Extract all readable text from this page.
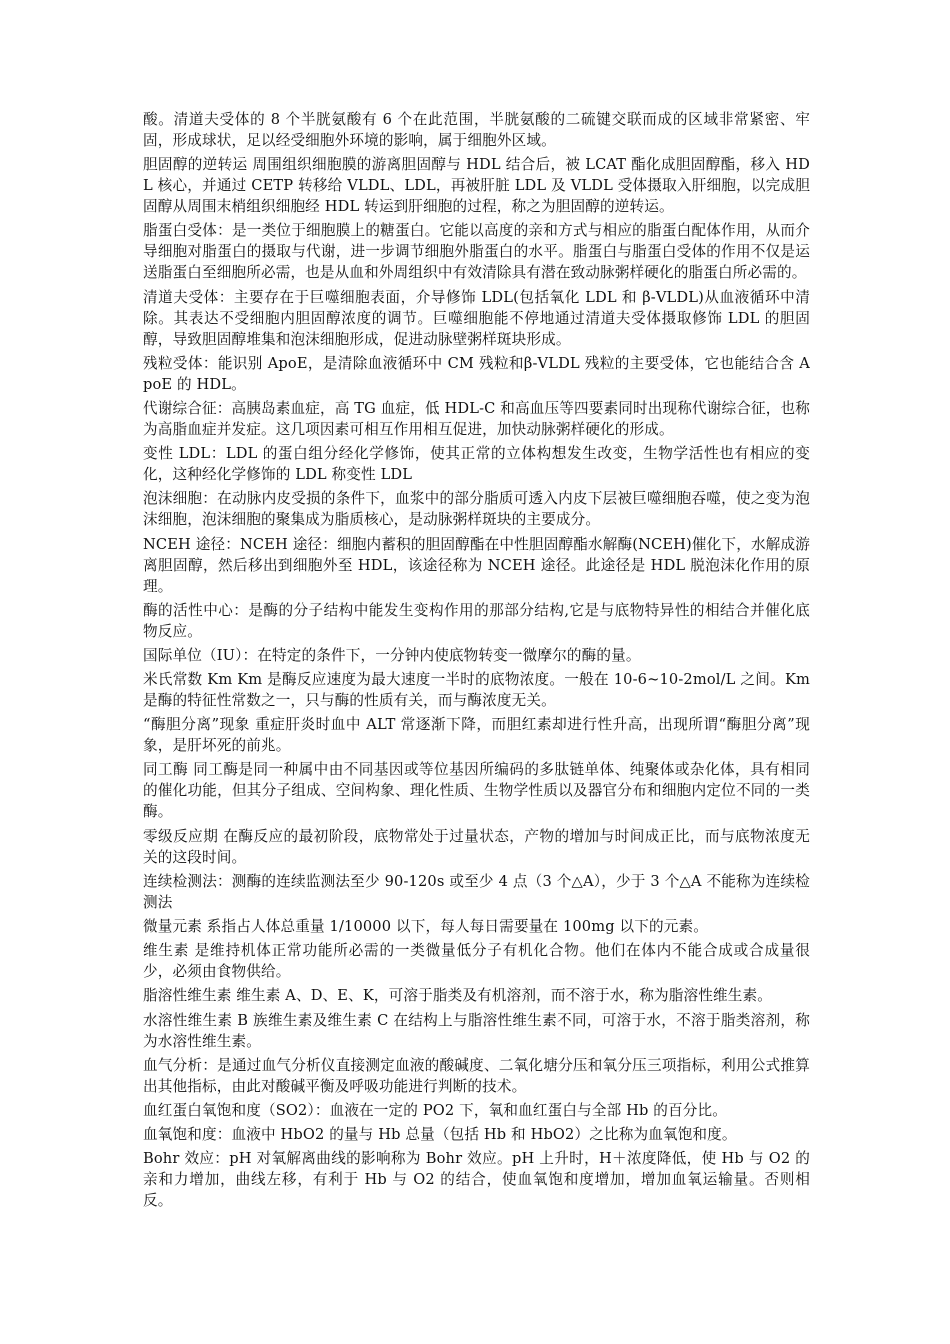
酸。清道夫受体的 8 个半胱氨酸有 6 个在此范围，半胱氨酸的二硫键交联而成的区域非常紧密、牢固，形成球状，足以经受细胞外环境的影响，属于细胞外区域。

胆固醇的逆转运 周围组织细胞膜的游离胆固醇与 HDL 结合后，被 LCAT 酯化成胆固醇酯，移入 HDL 核心，并通过 CETP 转移给 VLDL、LDL，再被肝脏 LDL 及 VLDL 受体摄取入肝细胞，以完成胆固醇从周围末梢组织细胞经 HDL 转运到肝细胞的过程，称之为胆固醇的逆转运。

脂蛋白受体：是一类位于细胞膜上的糖蛋白。它能以高度的亲和方式与相应的脂蛋白配体作用，从而介导细胞对脂蛋白的摄取与代谢，进一步调节细胞外脂蛋白的水平。脂蛋白与脂蛋白受体的作用不仅是运送脂蛋白至细胞所必需，也是从血和外周组织中有效清除具有潜在致动脉粥样硬化的脂蛋白所必需的。

清道夫受体：主要存在于巨噬细胞表面，介导修饰 LDL(包括氧化 LDL 和 β-VLDL)从血液循环中清除。其表达不受细胞内胆固醇浓度的调节。巨噬细胞能不停地通过清道夫受体摄取修饰 LDL 的胆固醇，导致胆固醇堆集和泡沫细胞形成，促进动脉壁粥样斑块形成。

残粒受体：能识别 ApoE，是清除血液循环中 CM 残粒和β-VLDL 残粒的主要受体，它也能结合含 ApoE 的 HDL。

代谢综合征：高胰岛素血症，高 TG 血症，低 HDL-C 和高血压等四要素同时出现称代谢综合征，也称为高脂血症并发症。这几项因素可相互作用相互促进，加快动脉粥样硬化的形成。

变性 LDL：LDL 的蛋白组分经化学修饰，使其正常的立体构想发生改变，生物学活性也有相应的变化，这种经化学修饰的 LDL 称变性 LDL

泡沫细胞：在动脉内皮受损的条件下，血浆中的部分脂质可透入内皮下层被巨噬细胞吞噬，使之变为泡沫细胞，泡沫细胞的聚集成为脂质核心，是动脉粥样斑块的主要成分。

NCEH 途径：NCEH 途径：细胞内蓄积的胆固醇酯在中性胆固醇酯水解酶(NCEH)催化下，水解成游离胆固醇，然后移出到细胞外至 HDL，该途径称为 NCEH 途径。此途径是 HDL 脱泡沫化作用的原理。

酶的活性中心：是酶的分子结构中能发生变构作用的那部分结构,它是与底物特异性的相结合并催化底物反应。

国际单位（IU）：在特定的条件下，一分钟内使底物转变一微摩尔的酶的量。

米氏常数 Km Km 是酶反应速度为最大速度一半时的底物浓度。一般在 10-6~10-2mol/L 之间。Km 是酶的特征性常数之一，只与酶的性质有关，而与酶浓度无关。

“酶胆分离”现象 重症肝炎时血中 ALT 常逐渐下降，而胆红素却进行性升高，出现所谓“酶胆分离”现象，是肝坏死的前兆。

同工酶 同工酶是同一种属中由不同基因或等位基因所编码的多肽链单体、纯聚体或杂化体，具有相同的催化功能，但其分子组成、空间构象、理化性质、生物学性质以及器官分布和细胞内定位不同的一类酶。

零级反应期 在酶反应的最初阶段，底物常处于过量状态，产物的增加与时间成正比，而与底物浓度无关的这段时间。

连续检测法：测酶的连续监测法至少 90-120s 或至少 4 点（3 个△A），少于 3 个△A 不能称为连续检测法

微量元素 系指占人体总重量 1/10000 以下，每人每日需要量在 100mg 以下的元素。

维生素 是维持机体正常功能所必需的一类微量低分子有机化合物。他们在体内不能合成或合成量很少，必须由食物供给。

脂溶性维生素 维生素 A、D、E、K，可溶于脂类及有机溶剂，而不溶于水，称为脂溶性维生素。

水溶性维生素 B 族维生素及维生素 C 在结构上与脂溶性维生素不同，可溶于水，不溶于脂类溶剂，称为水溶性维生素。

血气分析：是通过血气分析仪直接测定血液的酸碱度、二氧化塘分压和氧分压三项指标，利用公式推算出其他指标，由此对酸碱平衡及呼吸功能进行判断的技术。

血红蛋白氧饱和度（SO2）：血液在一定的 PO2 下，氧和血红蛋白与全部 Hb 的百分比。

血氧饱和度：血液中 HbO2 的量与 Hb 总量（包括 Hb 和 HbO2）之比称为血氧饱和度。

Bohr 效应：pH 对氧解离曲线的影响称为 Bohr 效应。pH 上升时，H＋浓度降低，使 Hb 与 O2 的亲和力增加，曲线左移，有利于 Hb 与 O2 的结合，使血氧饱和度增加，增加血氧运输量。否则相反。
